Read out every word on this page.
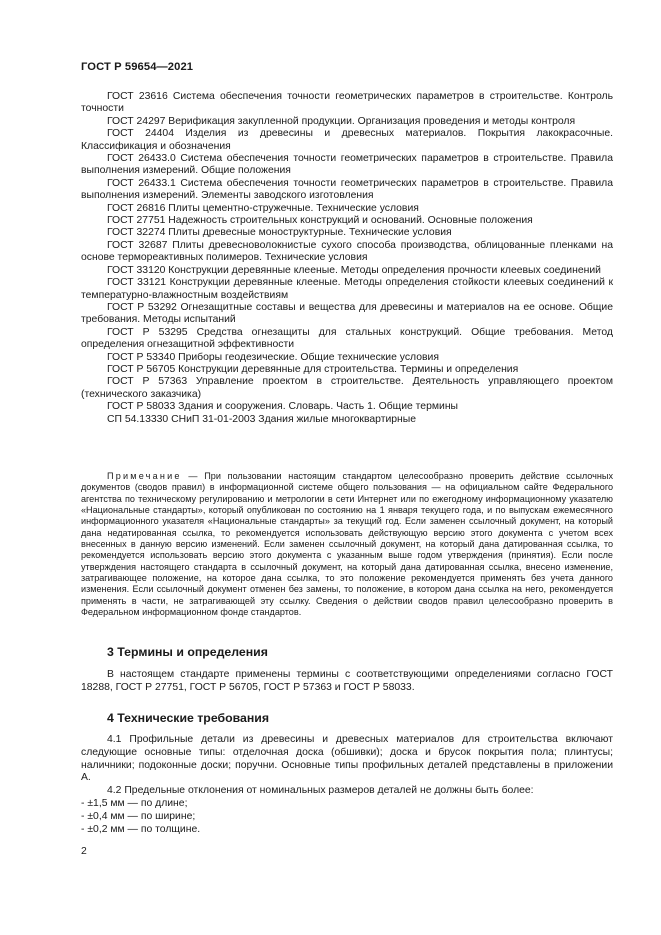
ГОСТ Р 59654—2021

ГОСТ 23616 Система обеспечения точности геометрических параметров в строительстве. Контроль точности

ГОСТ 24297 Верификация закупленной продукции. Организация проведения и методы контроля

ГОСТ 24404 Изделия из древесины и древесных материалов. Покрытия лакокрасочные. Классификация и обозначения

ГОСТ 26433.0 Система обеспечения точности геометрических параметров в строительстве. Правила выполнения измерений. Общие положения

ГОСТ 26433.1 Система обеспечения точности геометрических параметров в строительстве. Правила выполнения измерений. Элементы заводского изготовления

ГОСТ 26816 Плиты цементно-стружечные. Технические условия

ГОСТ 27751 Надежность строительных конструкций и оснований. Основные положения

ГОСТ 32274 Плиты древесные моноструктурные. Технические условия

ГОСТ 32687 Плиты древесноволокнистые сухого способа производства, облицованные пленками на основе термореактивных полимеров. Технические условия

ГОСТ 33120 Конструкции деревянные клееные. Методы определения прочности клеевых соединений

ГОСТ 33121 Конструкции деревянные клееные. Методы определения стойкости клеевых соединений к температурно-влажностным воздействиям

ГОСТ Р 53292 Огнезащитные составы и вещества для древесины и материалов на ее основе. Общие требования. Методы испытаний

ГОСТ Р 53295 Средства огнезащиты для стальных конструкций. Общие требования. Метод определения огнезащитной эффективности

ГОСТ Р 53340 Приборы геодезические. Общие технические условия

ГОСТ Р 56705 Конструкции деревянные для строительства. Термины и определения

ГОСТ Р 57363 Управление проектом в строительстве. Деятельность управляющего проектом (технического заказчика)

ГОСТ Р 58033 Здания и сооружения. Словарь. Часть 1. Общие термины

СП 54.13330 СНиП 31-01-2003 Здания жилые многоквартирные

Примечание — При пользовании настоящим стандартом целесообразно проверить действие ссылочных документов (сводов правил) в информационной системе общего пользования — на официальном сайте Федерального агентства по техническому регулированию и метрологии в сети Интернет или по ежегодному информационному указателю «Национальные стандарты», который опубликован по состоянию на 1 января текущего года, и по выпускам ежемесячного информационного указателя «Национальные стандарты» за текущий год. Если заменен ссылочный документ, на который дана недатированная ссылка, то рекомендуется использовать действующую версию этого документа с учетом всех внесенных в данную версию изменений. Если заменен ссылочный документ, на который дана датированная ссылка, то рекомендуется использовать версию этого документа с указанным выше годом утверждения (принятия). Если после утверждения настоящего стандарта в ссылочный документ, на который дана датированная ссылка, внесено изменение, затрагивающее положение, на которое дана ссылка, то это положение рекомендуется применять без учета данного изменения. Если ссылочный документ отменен без замены, то положение, в котором дана ссылка на него, рекомендуется применять в части, не затрагивающей эту ссылку. Сведения о действии сводов правил целесообразно проверить в Федеральном информационном фонде стандартов.

3 Термины и определения

В настоящем стандарте применены термины с соответствующими определениями согласно ГОСТ 18288, ГОСТ Р 27751, ГОСТ Р 56705, ГОСТ Р 57363 и ГОСТ Р 58033.

4 Технические требования

4.1 Профильные детали из древесины и древесных материалов для строительства включают следующие основные типы: отделочная доска (обшивки); доска и брусок покрытия пола; плинтусы; наличники; подоконные доски; поручни. Основные типы профильных деталей представлены в приложении А.

4.2 Предельные отклонения от номинальных размеров деталей не должны быть более:

- ±1,5 мм — по длине;

- ±0,4 мм — по ширине;

- ±0,2 мм — по толщине.

2
